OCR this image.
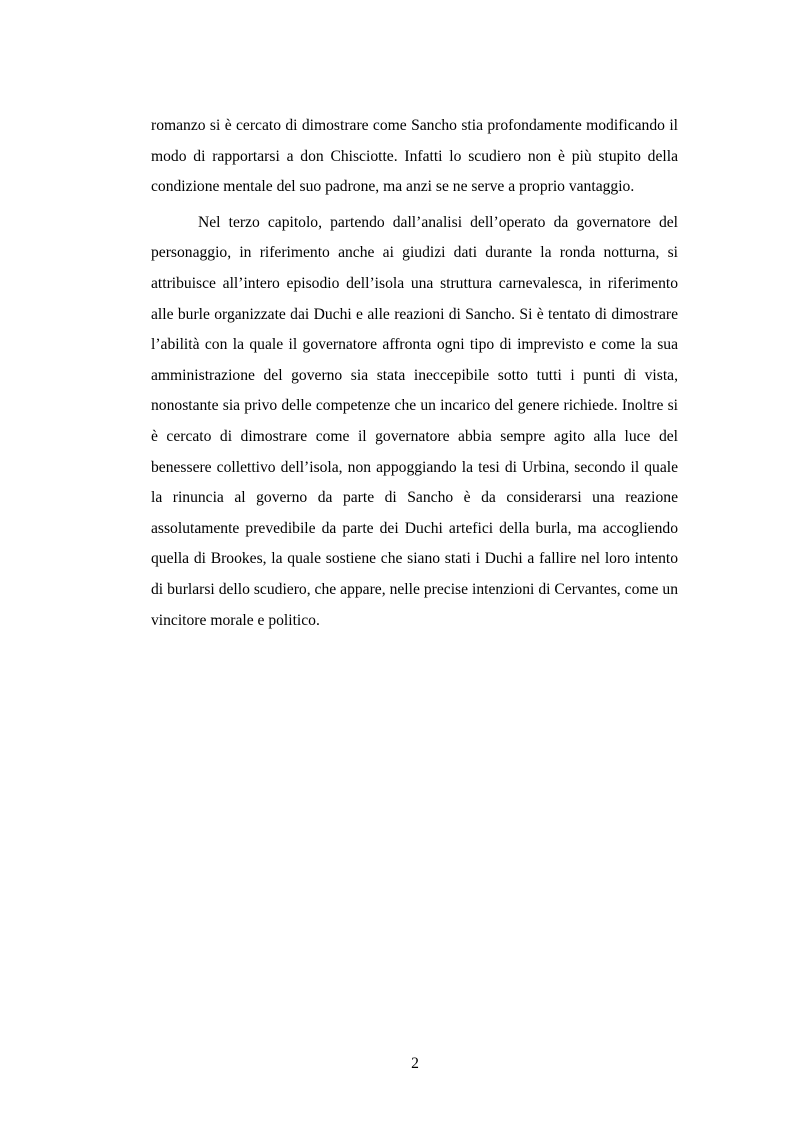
romanzo si è cercato di dimostrare come Sancho stia profondamente modificando il modo di rapportarsi a don Chisciotte. Infatti lo scudiero non è più stupito della condizione mentale del suo padrone, ma anzi se ne serve a proprio vantaggio.

Nel terzo capitolo, partendo dall’analisi dell’operato da governatore del personaggio, in riferimento anche ai giudizi dati durante la ronda notturna, si attribuisce all’intero episodio dell’isola una struttura carnevalesca, in riferimento alle burle organizzate dai Duchi e alle reazioni di Sancho. Si è tentato di dimostrare l’abilità con la quale il governatore affronta ogni tipo di imprevisto e come la sua amministrazione del governo sia stata ineccepibile sotto tutti i punti di vista, nonostante sia privo delle competenze che un incarico del genere richiede. Inoltre si è cercato di dimostrare come il governatore abbia sempre agito alla luce del benessere collettivo dell’isola, non appoggiando la tesi di Urbina, secondo il quale la rinuncia al governo da parte di Sancho è da considerarsi una reazione assolutamente prevedibile da parte dei Duchi artefici della burla, ma accogliendo quella di Brookes, la quale sostiene che siano stati i Duchi a fallire nel loro intento di burlarsi dello scudiero, che appare, nelle precise intenzioni di Cervantes, come un vincitore morale e politico.

2
